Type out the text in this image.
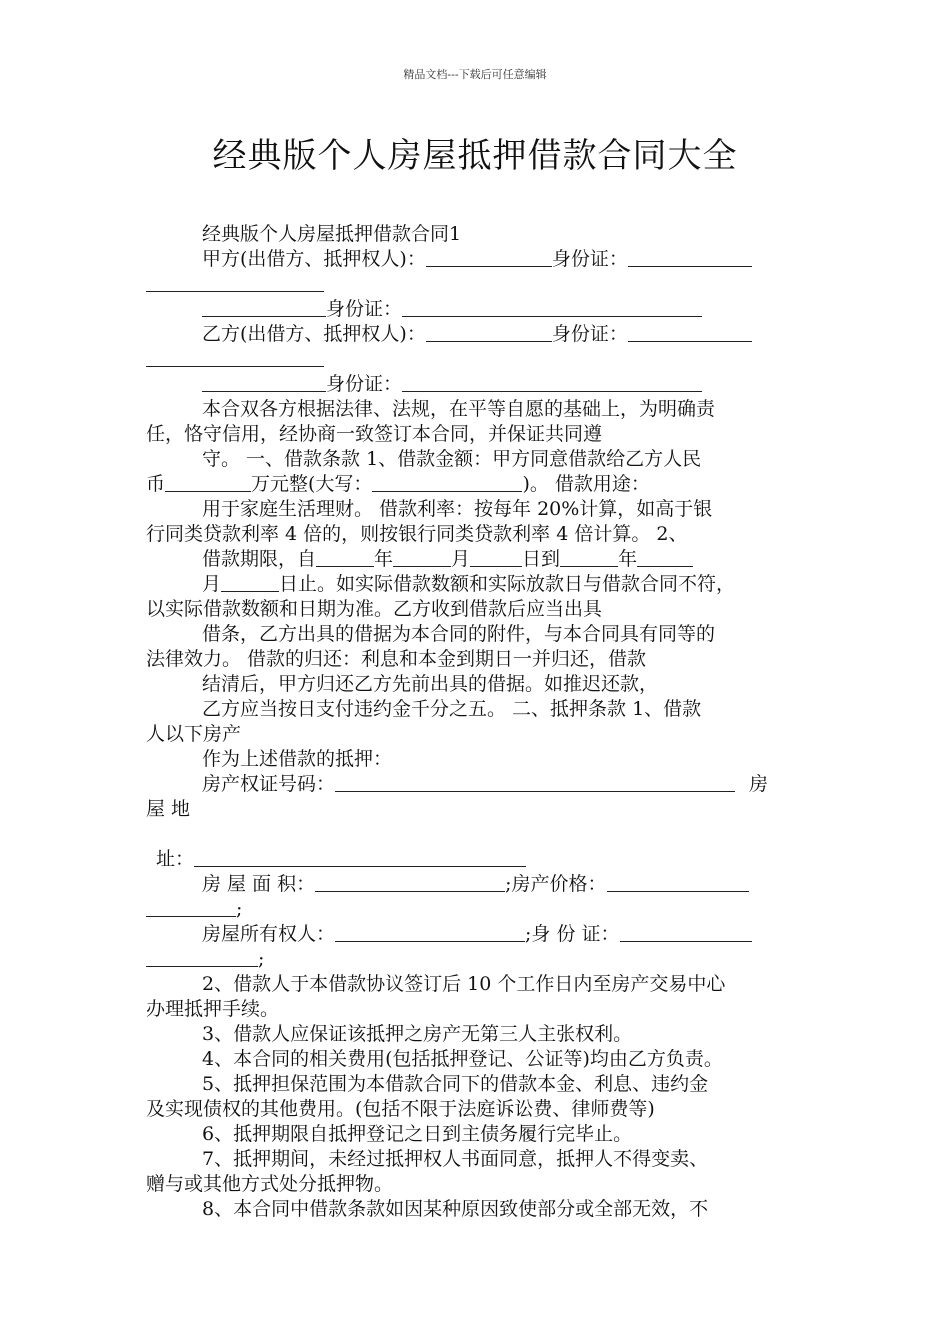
精品文档---下载后可任意编辑
经典版个人房屋抵押借款合同大全
经典版个人房屋抵押借款合同1
甲方(出借方、抵押权人)：	身份证：
身份证：
乙方(出借方、抵押权人)：	身份证：
身份证：
本合双各方根据法律、法规，在平等自愿的基础上，为明确责
任，恪守信用，经协商一致签订本合同，并保证共同遵
守。 一、借款条款 1、借款金额：甲方同意借款给乙方人民
币	万元整(大写：	)。 借款用途：
用于家庭生活理财。 借款利率：按每年 20%计算，如高于银
行同类贷款利率 4 倍的，则按银行同类贷款利率 4 倍计算。 2、
借款期限，自	年	月	日到	年
月	日止。如实际借款数额和实际放款日与借款合同不符，
以实际借款数额和日期为准。乙方收到借款后应当出具
借条，乙方出具的借据为本合同的附件，与本合同具有同等的
法律效力。 借款的归还：利息和本金到期日一并归还，借款
结清后，甲方归还乙方先前出具的借据。如推迟还款，
乙方应当按日支付违约金千分之五。 二、抵押条款 1、借款
人以下房产
作为上述借款的抵押：
房产权证号码：	房
屋 地
址：
房 屋 面 积：	;房产价格：
;
房屋所有权人：	;身 份 证：
;
2、借款人于本借款协议签订后 10 个工作日内至房产交易中心
办理抵押手续。
3、借款人应保证该抵押之房产无第三人主张权利。
4、本合同的相关费用(包括抵押登记、公证等)均由乙方负责。
5、抵押担保范围为本借款合同下的借款本金、利息、违约金
及实现债权的其他费用。(包括不限于法庭诉讼费、律师费等)
6、抵押期限自抵押登记之日到主债务履行完毕止。
7、抵押期间，未经过抵押权人书面同意，抵押人不得变卖、
赠与或其他方式处分抵押物。
8、本合同中借款条款如因某种原因致使部分或全部无效，不
